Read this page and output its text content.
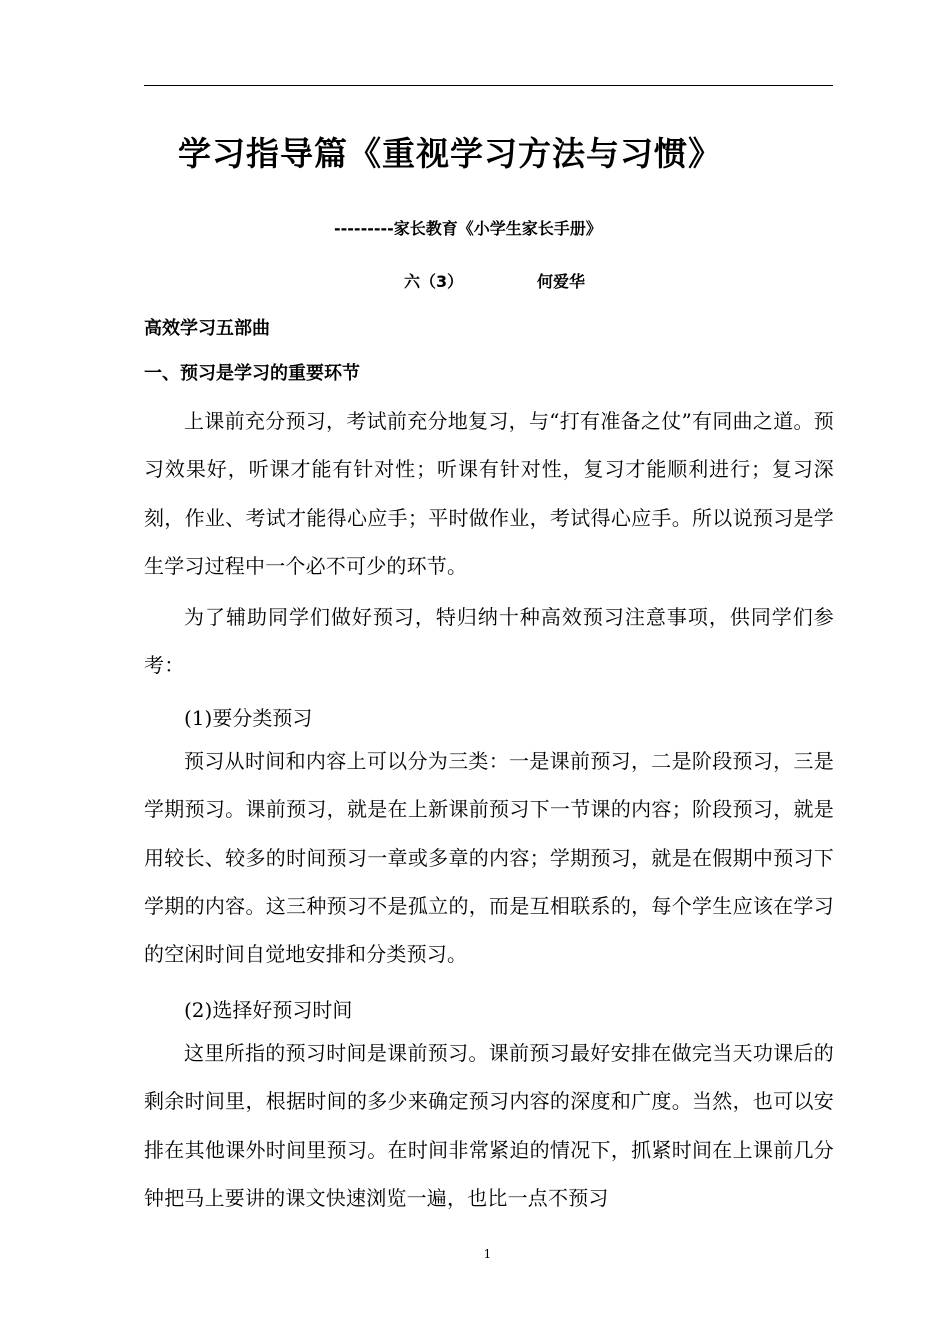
学习指导篇《重视学习方法与习惯》

---------家长教育《小学生家长手册》

六（3）	何爱华
高效学习五部曲
一、预习是学习的重要环节

上课前充分预习，考试前充分地复习，与“打有准备之仗”有同曲之道。预习效果好，听课才能有针对性；听课有针对性，复习才能顺利进行；复习深刻，作业、考试才能得心应手；平时做作业，考试得心应手。所以说预习是学生学习过程中一个必不可少的环节。

为了辅助同学们做好预习，特归纳十种高效预习注意事项，供同学们参考：

(1)要分类预习

预习从时间和内容上可以分为三类：一是课前预习，二是阶段预习，三是学期预习。课前预习，就是在上新课前预习下一节课的内容；阶段预习，就是用较长、较多的时间预习一章或多章的内容；学期预习，就是在假期中预习下学期的内容。这三种预习不是孤立的，而是互相联系的，每个学生应该在学习的空闲时间自觉地安排和分类预习。

(2)选择好预习时间

这里所指的预习时间是课前预习。课前预习最好安排在做完当天功课后的剩余时间里，根据时间的多少来确定预习内容的深度和广度。当然，也可以安排在其他课外时间里预习。在时间非常紧迫的情况下，抓紧时间在上课前几分钟把马上要讲的课文快速浏览一遍，也比一点不预习

1
